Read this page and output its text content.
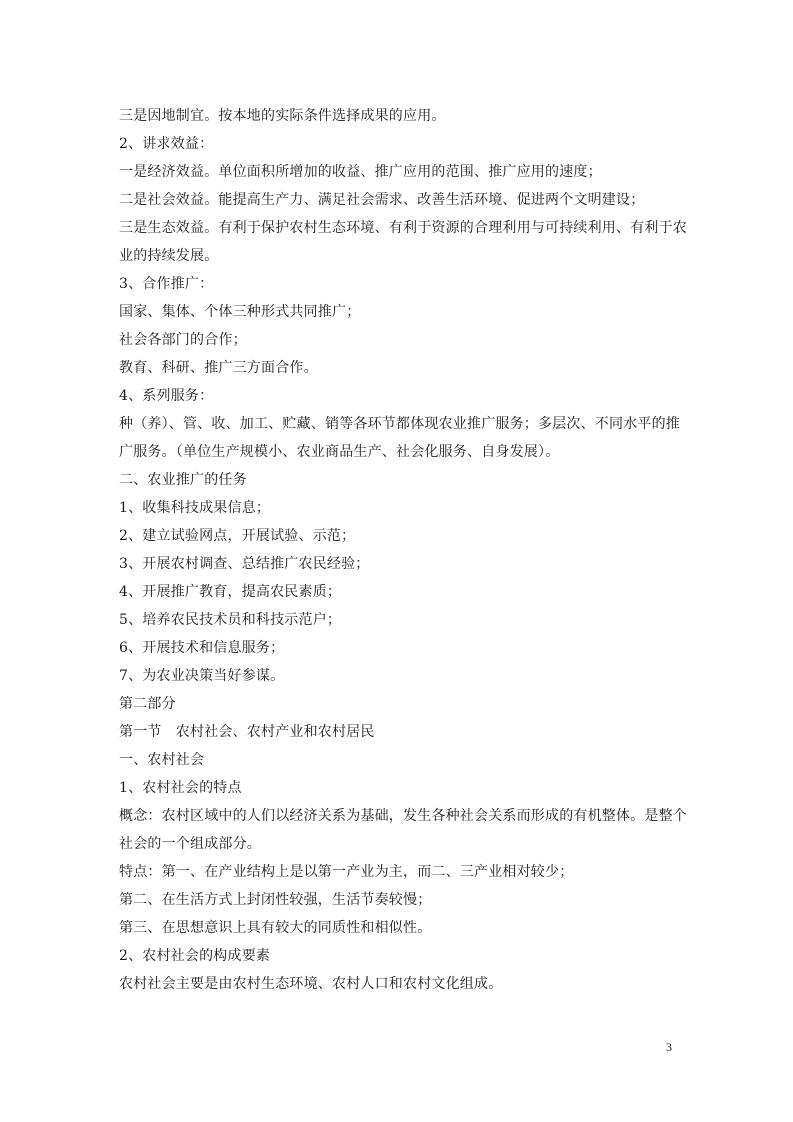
三是因地制宜。按本地的实际条件选择成果的应用。
2、讲求效益：
一是经济效益。单位面积所增加的收益、推广应用的范围、推广应用的速度；
二是社会效益。能提高生产力、满足社会需求、改善生活环境、促进两个文明建设；
三是生态效益。有利于保护农村生态环境、有利于资源的合理利用与可持续利用、有利于农
业的持续发展。
3、合作推广：
国家、集体、个体三种形式共同推广；
社会各部门的合作；
教育、科研、推广三方面合作。
4、系列服务：
种（养）、管、收、加工、贮藏、销等各环节都体现农业推广服务；多层次、不同水平的推
广服务。（单位生产规模小、农业商品生产、社会化服务、自身发展）。
二、农业推广的任务
1、收集科技成果信息；
2、建立试验网点，开展试验、示范；
3、开展农村调查、总结推广农民经验；
4、开展推广教育，提高农民素质；
5、培养农民技术员和科技示范户；
6、开展技术和信息服务；
7、为农业决策当好参谋。
第二部分
第一节　农村社会、农村产业和农村居民
一、农村社会
1、农村社会的特点
概念：农村区域中的人们以经济关系为基础，发生各种社会关系而形成的有机整体。是整个
社会的一个组成部分。
特点：第一、在产业结构上是以第一产业为主，而二、三产业相对较少；
第二、在生活方式上封闭性较强，生活节奏较慢；
第三、在思想意识上具有较大的同质性和相似性。
2、农村社会的构成要素
农村社会主要是由农村生态环境、农村人口和农村文化组成。
3
